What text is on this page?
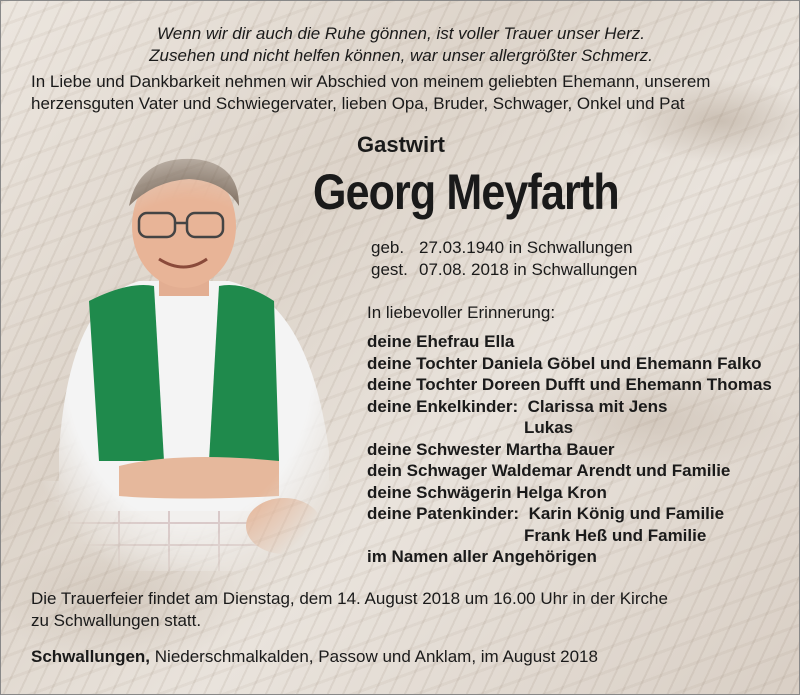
Wenn wir dir auch die Ruhe gönnen, ist voller Trauer unser Herz.
Zusehen und nicht helfen können, war unser allergrößter Schmerz.
In Liebe und Dankbarkeit nehmen wir Abschied von meinem geliebten Ehemann, unserem
herzensguten Vater und Schwiegervater, lieben Opa, Bruder, Schwager, Onkel und Pat
Gastwirt
Georg Meyfarth
geb. 27.03.1940 in Schwallungen
gest. 07.08. 2018 in Schwallungen
In liebevoller Erinnerung:
deine Ehefrau Ella
deine Tochter Daniela Göbel und Ehemann Falko
deine Tochter Doreen Dufft und Ehemann Thomas
deine Enkelkinder: Clarissa mit Jens
Lukas
deine Schwester Martha Bauer
dein Schwager Waldemar Arendt und Familie
deine Schwägerin Helga Kron
deine Patenkinder: Karin König und Familie
Frank Heß und Familie
im Namen aller Angehörigen
Die Trauerfeier findet am Dienstag, dem 14. August 2018 um 16.00 Uhr in der Kirche
zu Schwallungen statt.
Schwallungen, Niederschmalkalden, Passow und Anklam, im August 2018
